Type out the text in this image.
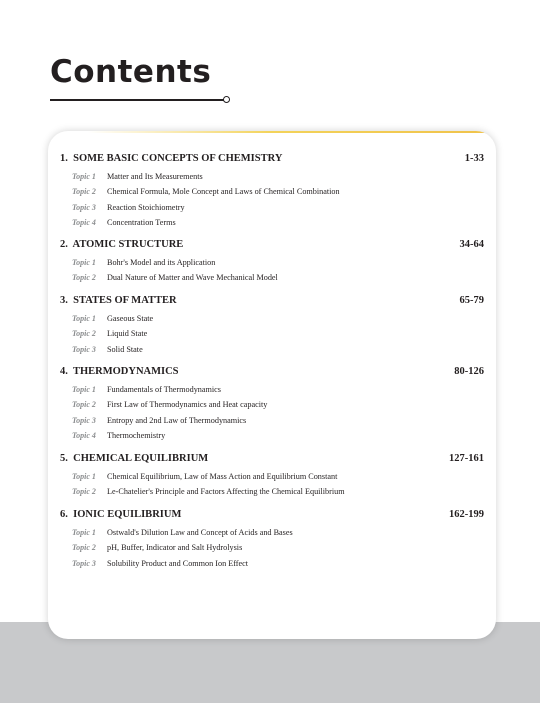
Contents
1. SOME BASIC CONCEPTS OF CHEMISTRY	1-33
Topic 1	Matter and Its Measurements
Topic 2	Chemical Formula, Mole Concept and Laws of Chemical Combination
Topic 3	Reaction Stoichiometry
Topic 4	Concentration Terms
2. ATOMIC STRUCTURE	34-64
Topic 1	Bohr's Model and its Application
Topic 2	Dual Nature of Matter and Wave Mechanical Model
3. STATES OF MATTER	65-79
Topic 1	Gaseous State
Topic 2	Liquid State
Topic 3	Solid State
4. THERMODYNAMICS	80-126
Topic 1	Fundamentals of Thermodynamics
Topic 2	First Law of Thermodynamics and Heat capacity
Topic 3	Entropy and 2nd Law of Thermodynamics
Topic 4	Thermochemistry
5. CHEMICAL EQUILIBRIUM	127-161
Topic 1	Chemical Equilibrium, Law of Mass Action and Equilibrium Constant
Topic 2	Le-Chatelier's Principle and Factors Affecting the Chemical Equilibrium
6. IONIC EQUILIBRIUM	162-199
Topic 1	Ostwald's Dilution Law and Concept of Acids and Bases
Topic 2	pH, Buffer, Indicator and Salt Hydrolysis
Topic 3	Solubility Product and Common Ion Effect
